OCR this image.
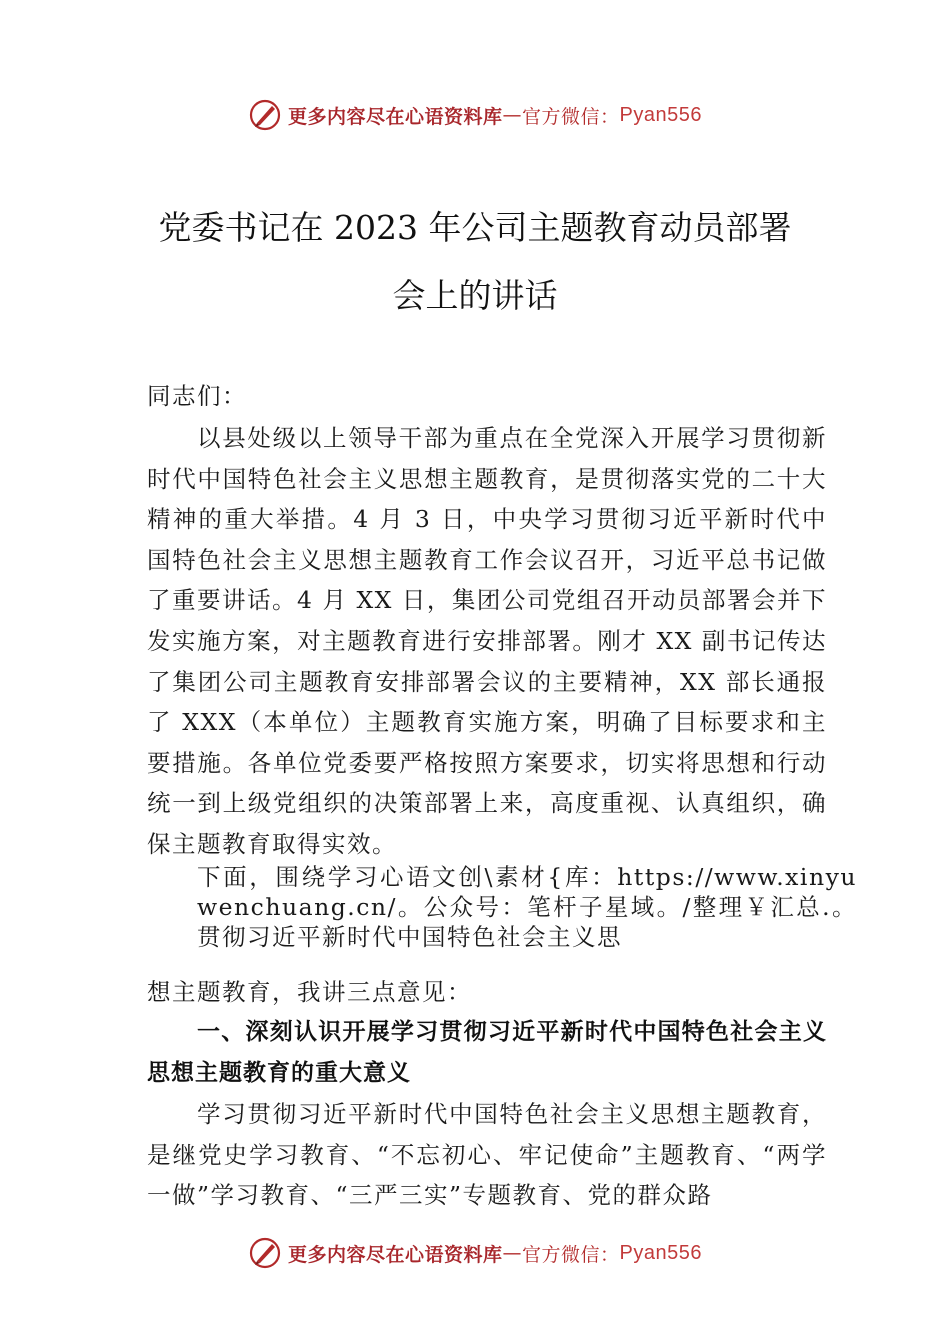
更多内容尽在心语资料库 — 官方微信： Pyan556
党委书记在 2023 年公司主题教育动员部署
会上的讲话

同志们：

以县处级以上领导干部为重点在全党深入开展学习贯彻新时代中国特色社会主义思想主题教育，是贯彻落实党的二十大精神的重大举措。4 月 3 日，中央学习贯彻习近平新时代中国特色社会主义思想主题教育工作会议召开，习近平总书记做了重要讲话。4 月 XX 日，集团公司党组召开动员部署会并下发实施方案，对主题教育进行安排部署。刚才 XX 副书记传达了集团公司主题教育安排部署会议的主要精神，XX 部长通报了 XXX（本单位）主题教育实施方案，明确了目标要求和主要措施。各单位党委要严格按照方案要求，切实将思想和行动统一到上级党组织的决策部署上来，高度重视、认真组织，确保主题教育取得实效。

下面，围绕学习心语文创\素材{库：https://www.xinyuwenchuang.cn/。公众号：笔杆子星域。/整理￥汇总.。贯彻习近平新时代中国特色社会主义思

想主题教育，我讲三点意见：

一、深刻认识开展学习贯彻习近平新时代中国特色社会主义思想主题教育的重大意义

学习贯彻习近平新时代中国特色社会主义思想主题教育，是继党史学习教育、“不忘初心、牢记使命”主题教育、“两学一做”学习教育、“三严三实”专题教育、党的群众路

更多内容尽在心语资料库 — 官方微信： Pyan556
